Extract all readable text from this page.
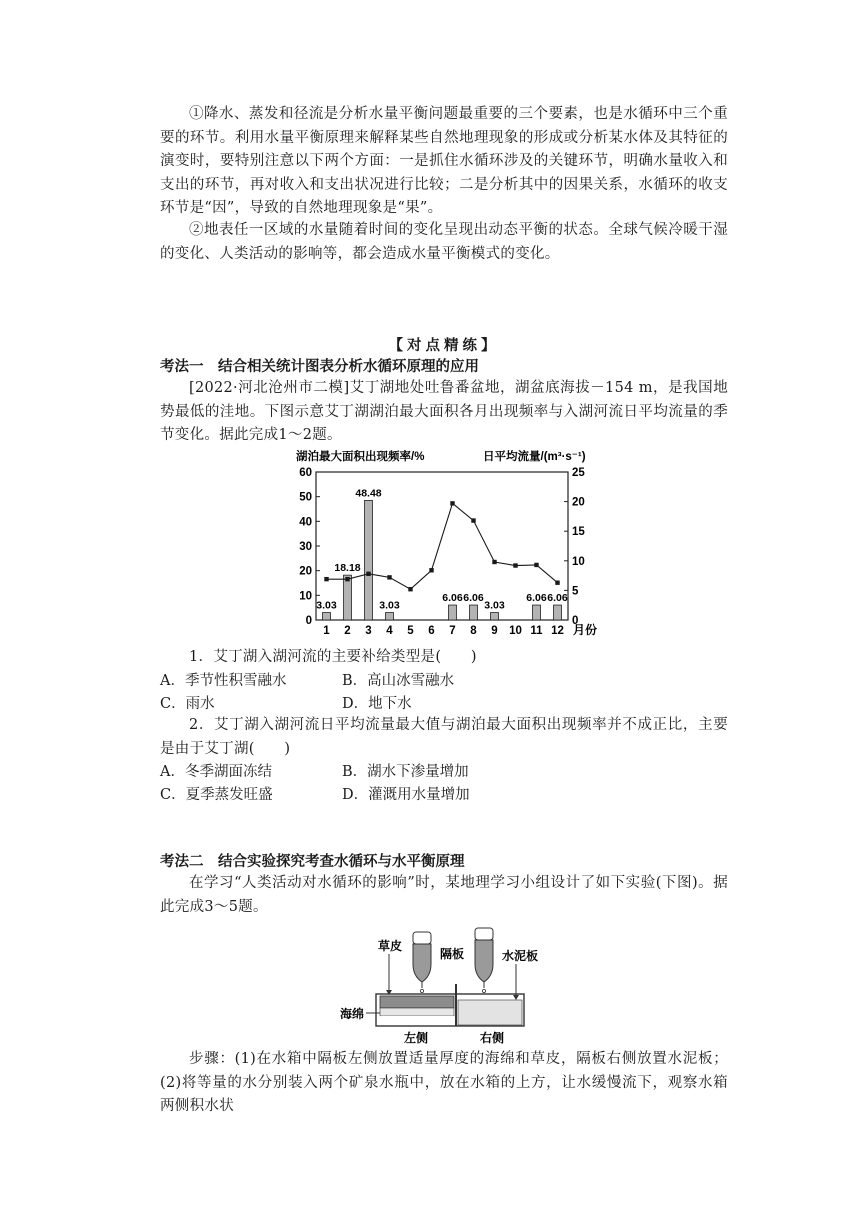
①降水、蒸发和径流是分析水量平衡问题最重要的三个要素，也是水循环中三个重要的环节。利用水量平衡原理来解释某些自然地理现象的形成或分析某水体及其特征的演变时，要特别注意以下两个方面：一是抓住水循环涉及的关键环节，明确水量收入和支出的环节，再对收入和支出状况进行比较；二是分析其中的因果关系，水循环的收支环节是“因”，导致的自然地理现象是“果”。
②地表任一区域的水量随着时间的变化呈现出动态平衡的状态。全球气候冷暖干湿的变化、人类活动的影响等，都会造成水量平衡模式的变化。
【对点精练】
考法一　结合相关统计图表分析水循环原理的应用
[2022·河北沧州市二模]艾丁湖地处吐鲁番盆地，湖盆底海拔－154 m，是我国地势最低的洼地。下图示意艾丁湖湖泊最大面积各月出现频率与入湖河流日平均流量的季节变化。据此完成1～2题。
湖泊最大面积出现频率/%	日平均流量/(m³·s⁻¹)
月份
0
10
20
30
40
50
60
0
5
10
15
20
25
1 2 3 4 5 6 7 8 9 10 11 12
3.03
18.18
48.48
3.03
6.06 6.06
3.03
6.06 6.06
1．艾丁湖入湖河流的主要补给类型是(　　)
A．季节性积雪融水	B．高山冰雪融水
C．雨水	D．地下水
2．艾丁湖入湖河流日平均流量最大值与湖泊最大面积出现频率并不成正比，主要是由于艾丁湖(　　)
A．冬季湖面冻结	B．湖水下渗量增加
C．夏季蒸发旺盛	D．灌溉用水量增加
考法二　结合实验探究考查水循环与水平衡原理
在学习“人类活动对水循环的影响”时，某地理学习小组设计了如下实验(下图)。据此完成3～5题。
草皮
隔板	水泥板
海绵
左侧	右侧
步骤：(1)在水箱中隔板左侧放置适量厚度的海绵和草皮，隔板右侧放置水泥板；(2)将等量的水分别装入两个矿泉水瓶中，放在水箱的上方，让水缓慢流下，观察水箱两侧积水状
